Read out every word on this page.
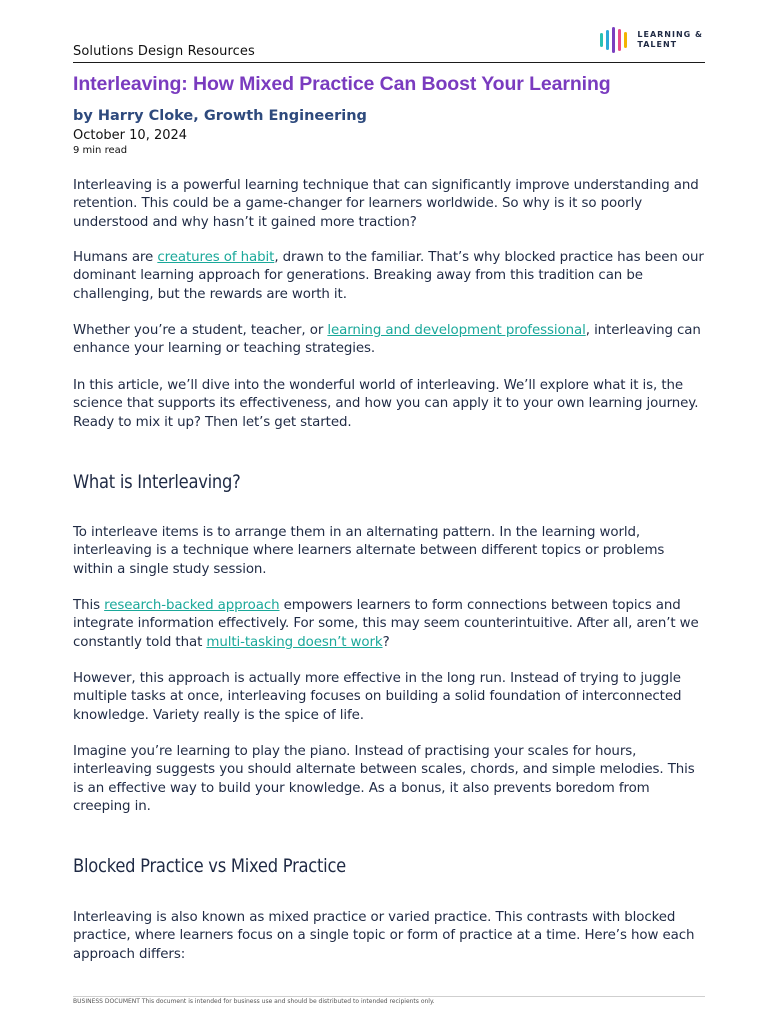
Solutions Design Resources
LEARNING &
TALENT
Interleaving: How Mixed Practice Can Boost Your Learning
by Harry Cloke, Growth Engineering
October 10, 2024
9 min read
Interleaving is a powerful learning technique that can significantly improve understanding and retention. This could be a game-changer for learners worldwide. So why is it so poorly understood and why hasn’t it gained more traction?
Humans are creatures of habit, drawn to the familiar. That’s why blocked practice has been our dominant learning approach for generations. Breaking away from this tradition can be challenging, but the rewards are worth it.
Whether you’re a student, teacher, or learning and development professional, interleaving can enhance your learning or teaching strategies.
In this article, we’ll dive into the wonderful world of interleaving. We’ll explore what it is, the science that supports its effectiveness, and how you can apply it to your own learning journey. Ready to mix it up? Then let’s get started.
What is Interleaving?
To interleave items is to arrange them in an alternating pattern. In the learning world, interleaving is a technique where learners alternate between different topics or problems within a single study session.
This research-backed approach empowers learners to form connections between topics and integrate information effectively. For some, this may seem counterintuitive. After all, aren’t we constantly told that multi-tasking doesn’t work?
However, this approach is actually more effective in the long run. Instead of trying to juggle multiple tasks at once, interleaving focuses on building a solid foundation of interconnected knowledge. Variety really is the spice of life.
Imagine you’re learning to play the piano. Instead of practising your scales for hours, interleaving suggests you should alternate between scales, chords, and simple melodies. This is an effective way to build your knowledge. As a bonus, it also prevents boredom from creeping in.
Blocked Practice vs Mixed Practice
Interleaving is also known as mixed practice or varied practice. This contrasts with blocked practice, where learners focus on a single topic or form of practice at a time. Here’s how each approach differs:
BUSINESS DOCUMENT This document is intended for business use and should be distributed to intended recipients only.
